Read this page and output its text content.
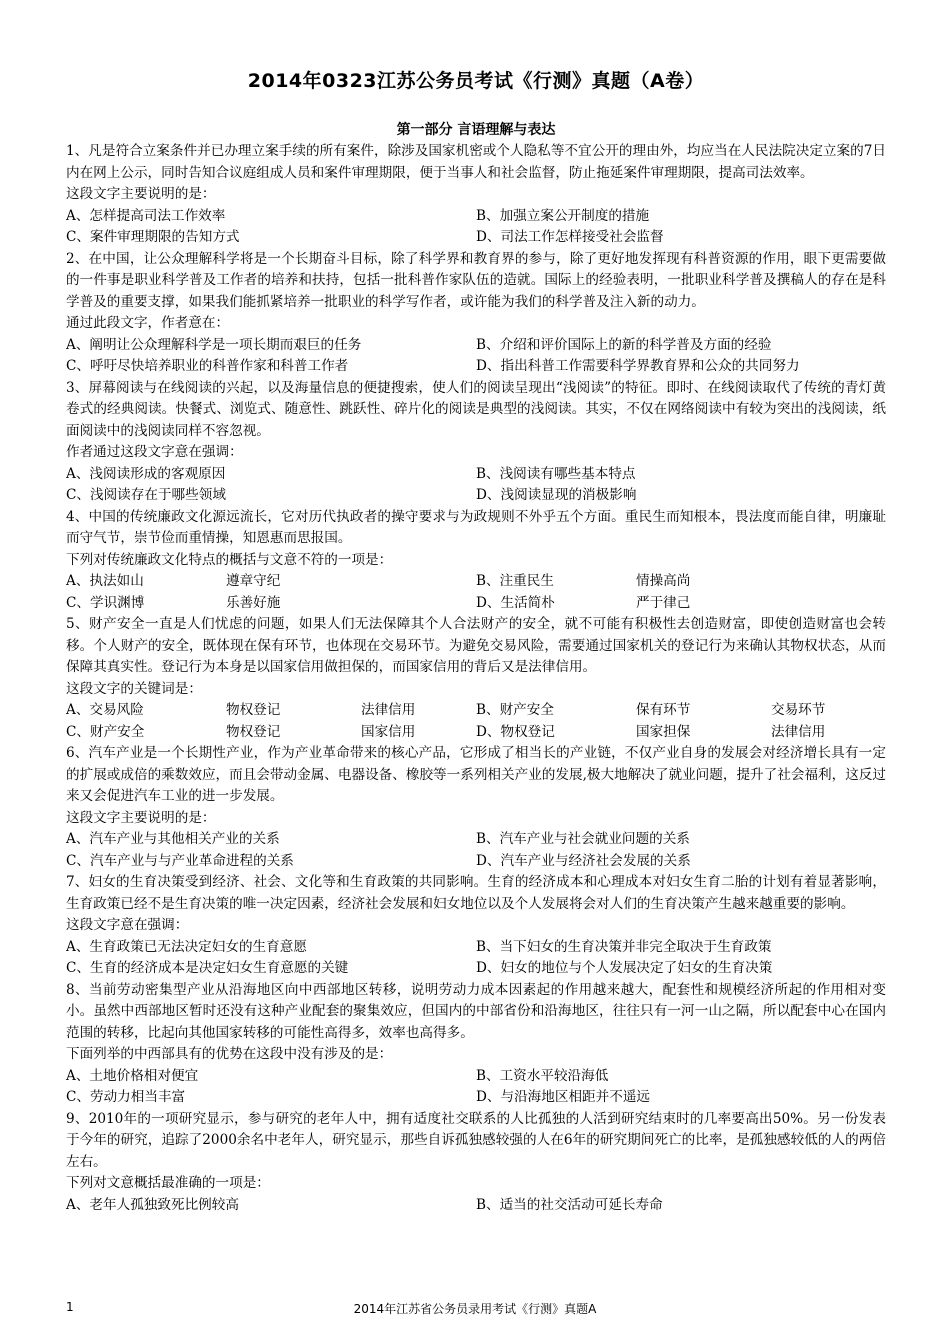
2014年0323江苏公务员考试《行测》真题（A卷）
第一部分 言语理解与表达

1、凡是符合立案条件并已办理立案手续的所有案件，除涉及国家机密或个人隐私等不宜公开的理由外，均应当在人民法院决定立案的7日内在网上公示，同时告知合议庭组成人员和案件审理期限，便于当事人和社会监督，防止拖延案件审理期限，提高司法效率。

这段文字主要说明的是：

A、怎样提高司法工作效率	B、加强立案公开制度的措施
C、案件审理期限的告知方式	D、司法工作怎样接受社会监督

2、在中国，让公众理解科学将是一个长期奋斗目标，除了科学界和教育界的参与，除了更好地发挥现有科普资源的作用，眼下更需要做的一件事是职业科学普及工作者的培养和扶持，包括一批科普作家队伍的造就。国际上的经验表明，一批职业科学普及撰稿人的存在是科学普及的重要支撑，如果我们能抓紧培养一批职业的科学写作者，或许能为我们的科学普及注入新的动力。

通过此段文字，作者意在：

A、阐明让公众理解科学是一项长期而艰巨的任务	B、介绍和评价国际上的新的科学普及方面的经验
C、呼吁尽快培养职业的科普作家和科普工作者	D、指出科普工作需要科学界教育界和公众的共同努力

3、屏幕阅读与在线阅读的兴起，以及海量信息的便捷搜索，使人们的阅读呈现出“浅阅读”的特征。即时、在线阅读取代了传统的青灯黄卷式的经典阅读。快餐式、浏览式、随意性、跳跃性、碎片化的阅读是典型的浅阅读。其实，不仅在网络阅读中有较为突出的浅阅读，纸面阅读中的浅阅读同样不容忽视。

作者通过这段文字意在强调：

A、浅阅读形成的客观原因	B、浅阅读有哪些基本特点
C、浅阅读存在于哪些领域	D、浅阅读显现的消极影响

4、中国的传统廉政文化源远流长，它对历代执政者的操守要求与为政规则不外乎五个方面。重民生而知根本，畏法度而能自律，明廉耻而守气节，崇节俭而重情操，知恩惠而思报国。

下列对传统廉政文化特点的概括与文意不符的一项是：

A、执法如山	遵章守纪	B、注重民生	情操高尚
C、学识渊博	乐善好施	D、生活简朴	严于律己

5、财产安全一直是人们忧虑的问题，如果人们无法保障其个人合法财产的安全，就不可能有积极性去创造财富，即使创造财富也会转移。个人财产的安全，既体现在保有环节，也体现在交易环节。为避免交易风险，需要通过国家机关的登记行为来确认其物权状态，从而保障其真实性。登记行为本身是以国家信用做担保的，而国家信用的背后又是法律信用。

这段文字的关键词是：

A、交易风险	物权登记	法律信用	B、财产安全	保有环节	交易环节
C、财产安全	物权登记	国家信用	D、物权登记	国家担保	法律信用

6、汽车产业是一个长期性产业，作为产业革命带来的核心产品，它形成了相当长的产业链，不仅产业自身的发展会对经济增长具有一定的扩展或成倍的乘数效应，而且会带动金属、电器设备、橡胶等一系列相关产业的发展,极大地解决了就业问题，提升了社会福利，这反过来又会促进汽车工业的进一步发展。

这段文字主要说明的是：

A、汽车产业与其他相关产业的关系	B、汽车产业与社会就业问题的关系
C、汽车产业与与产业革命进程的关系	D、汽车产业与经济社会发展的关系

7、妇女的生育决策受到经济、社会、文化等和生育政策的共同影响。生育的经济成本和心理成本对妇女生育二胎的计划有着显著影响，生育政策已经不是生育决策的唯一决定因素，经济社会发展和妇女地位以及个人发展将会对人们的生育决策产生越来越重要的影响。

这段文字意在强调：

A、生育政策已无法决定妇女的生育意愿	B、当下妇女的生育决策并非完全取决于生育政策
C、生育的经济成本是决定妇女生育意愿的关键	D、妇女的地位与个人发展决定了妇女的生育决策

8、当前劳动密集型产业从沿海地区向中西部地区转移，说明劳动力成本因素起的作用越来越大，配套性和规模经济所起的作用相对变小。虽然中西部地区暂时还没有这种产业配套的聚集效应，但国内的中部省份和沿海地区，往往只有一河一山之隔，所以配套中心在国内范围的转移，比起向其他国家转移的可能性高得多，效率也高得多。

下面列举的中西部具有的优势在这段中没有涉及的是：

A、土地价格相对便宜	B、工资水平较沿海低
C、劳动力相当丰富	D、与沿海地区相距并不遥远

9、2010年的一项研究显示，参与研究的老年人中，拥有适度社交联系的人比孤独的人活到研究结束时的几率要高出50%。另一份发表于今年的研究，追踪了2000余名中老年人，研究显示，那些自诉孤独感较强的人在6年的研究期间死亡的比率，是孤独感较低的人的两倍左右。

下列对文意概括最准确的一项是：

A、老年人孤独致死比例较高	B、适当的社交活动可延长寿命
1	2014年江苏省公务员录用考试《行测》真题A
